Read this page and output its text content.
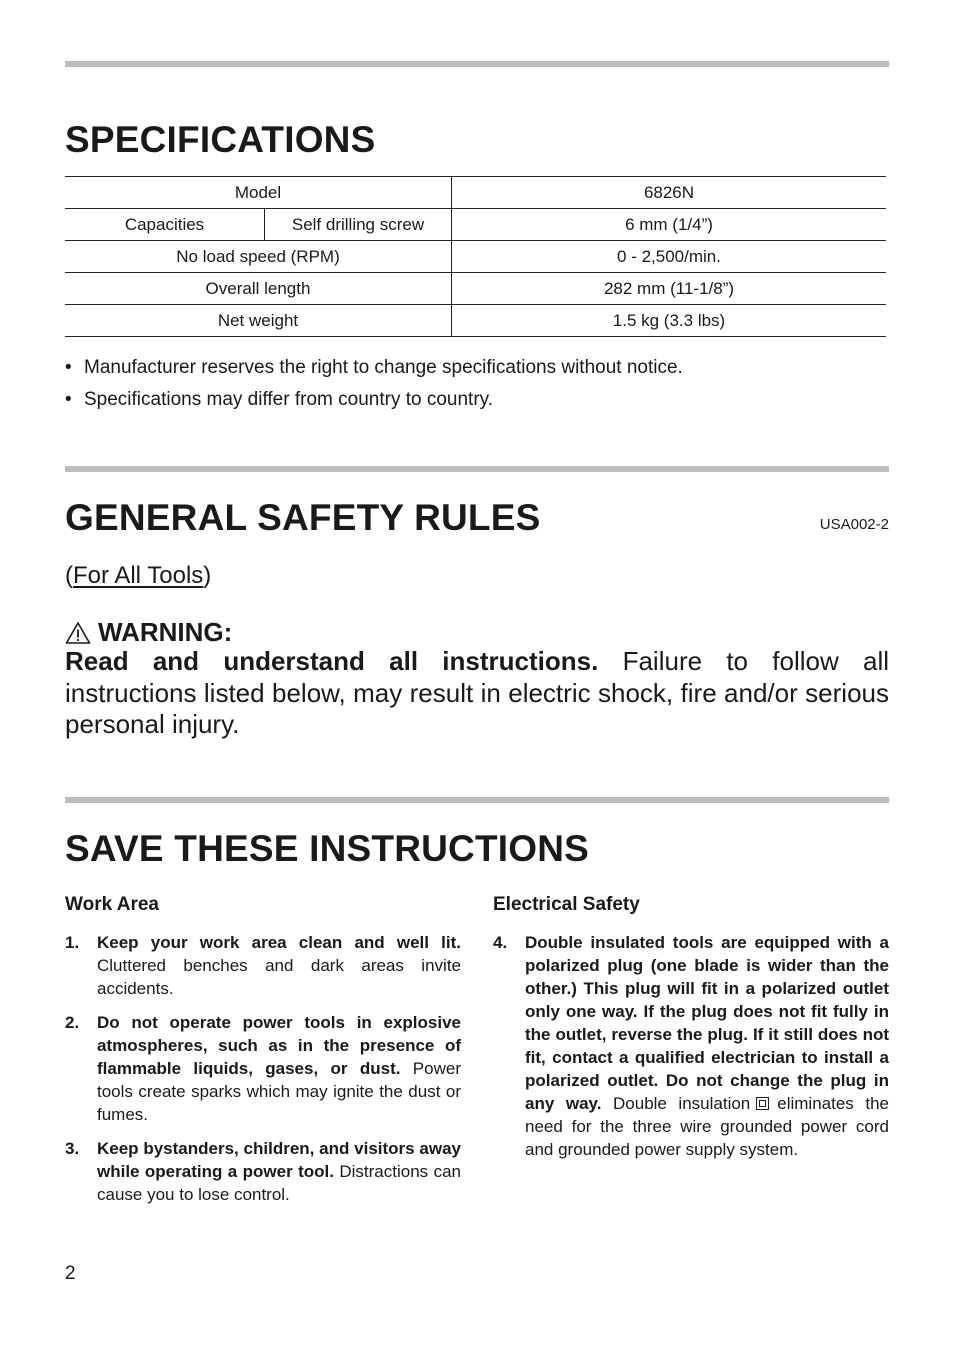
SPECIFICATIONS
Model		6826N
Capacities	Self drilling screw	6 mm (1/4”)
No load speed (RPM)		0 - 2,500/min.
Overall length		282 mm (11-1/8”)
Net weight		1.5 kg (3.3 lbs)
• Manufacturer reserves the right to change specifications without notice.
• Specifications may differ from country to country.
GENERAL SAFETY RULES	USA002-2
(For All Tools)
WARNING:

Read and understand all instructions. Failure to follow all instructions listed below, may result in electric shock, fire and/or serious personal injury.

SAVE THESE INSTRUCTIONS
Work Area
1.	Keep your work area clean and well lit. Cluttered benches and dark areas invite accidents.
2.	Do not operate power tools in explosive atmospheres, such as in the presence of flammable liquids, gases, or dust. Power tools create sparks which may ignite the dust or fumes.
3.	Keep bystanders, children, and visitors away while operating a power tool. Distractions can cause you to lose control.
Electrical Safety
4.	Double insulated tools are equipped with a polarized plug (one blade is wider than the other.) This plug will fit in a polarized outlet only one way. If the plug does not fit fully in the outlet, reverse the plug. If it still does not fit, contact a qualified electrician to install a polarized outlet. Do not change the plug in any way. Double insulation eliminates the need for the three wire grounded power cord and grounded power supply system.
2
